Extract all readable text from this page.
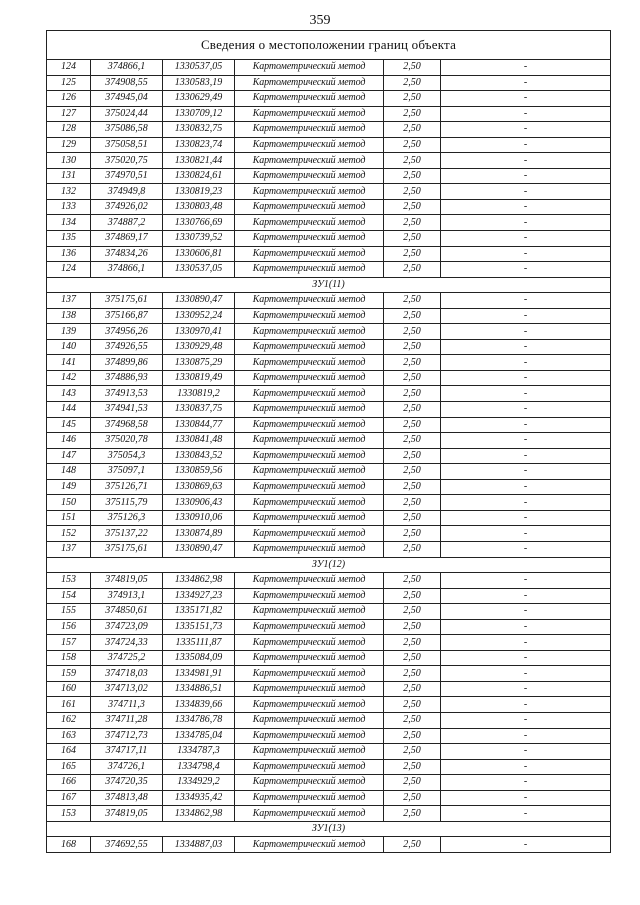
359
Сведения о местоположении границ объекта					
124	374866,1	1330537,05	Картометрический метод	2,50	-
125	374908,55	1330583,19	Картометрический метод	2,50	-
126	374945,04	1330629,49	Картометрический метод	2,50	-
127	375024,44	1330709,12	Картометрический метод	2,50	-
128	375086,58	1330832,75	Картометрический метод	2,50	-
129	375058,51	1330823,74	Картометрический метод	2,50	-
130	375020,75	1330821,44	Картометрический метод	2,50	-
131	374970,51	1330824,61	Картометрический метод	2,50	-
132	374949,8	1330819,23	Картометрический метод	2,50	-
133	374926,02	1330803,48	Картометрический метод	2,50	-
134	374887,2	1330766,69	Картометрический метод	2,50	-
135	374869,17	1330739,52	Картометрический метод	2,50	-
136	374834,26	1330606,81	Картометрический метод	2,50	-
124	374866,1	1330537,05	Картометрический метод	2,50	-
ЗУ1(11)					
137	375175,61	1330890,47	Картометрический метод	2,50	-
138	375166,87	1330952,24	Картометрический метод	2,50	-
139	374956,26	1330970,41	Картометрический метод	2,50	-
140	374926,55	1330929,48	Картометрический метод	2,50	-
141	374899,86	1330875,29	Картометрический метод	2,50	-
142	374886,93	1330819,49	Картометрический метод	2,50	-
143	374913,53	1330819,2	Картометрический метод	2,50	-
144	374941,53	1330837,75	Картометрический метод	2,50	-
145	374968,58	1330844,77	Картометрический метод	2,50	-
146	375020,78	1330841,48	Картометрический метод	2,50	-
147	375054,3	1330843,52	Картометрический метод	2,50	-
148	375097,1	1330859,56	Картометрический метод	2,50	-
149	375126,71	1330869,63	Картометрический метод	2,50	-
150	375115,79	1330906,43	Картометрический метод	2,50	-
151	375126,3	1330910,06	Картометрический метод	2,50	-
152	375137,22	1330874,89	Картометрический метод	2,50	-
137	375175,61	1330890,47	Картометрический метод	2,50	-
ЗУ1(12)					
153	374819,05	1334862,98	Картометрический метод	2,50	-
154	374913,1	1334927,23	Картометрический метод	2,50	-
155	374850,61	1335171,82	Картометрический метод	2,50	-
156	374723,09	1335151,73	Картометрический метод	2,50	-
157	374724,33	1335111,87	Картометрический метод	2,50	-
158	374725,2	1335084,09	Картометрический метод	2,50	-
159	374718,03	1334981,91	Картометрический метод	2,50	-
160	374713,02	1334886,51	Картометрический метод	2,50	-
161	374711,3	1334839,66	Картометрический метод	2,50	-
162	374711,28	1334786,78	Картометрический метод	2,50	-
163	374712,73	1334785,04	Картометрический метод	2,50	-
164	374717,11	1334787,3	Картометрический метод	2,50	-
165	374726,1	1334798,4	Картометрический метод	2,50	-
166	374720,35	1334929,2	Картометрический метод	2,50	-
167	374813,48	1334935,42	Картометрический метод	2,50	-
153	374819,05	1334862,98	Картометрический метод	2,50	-
ЗУ1(13)					
168	374692,55	1334887,03	Картометрический метод	2,50	-
